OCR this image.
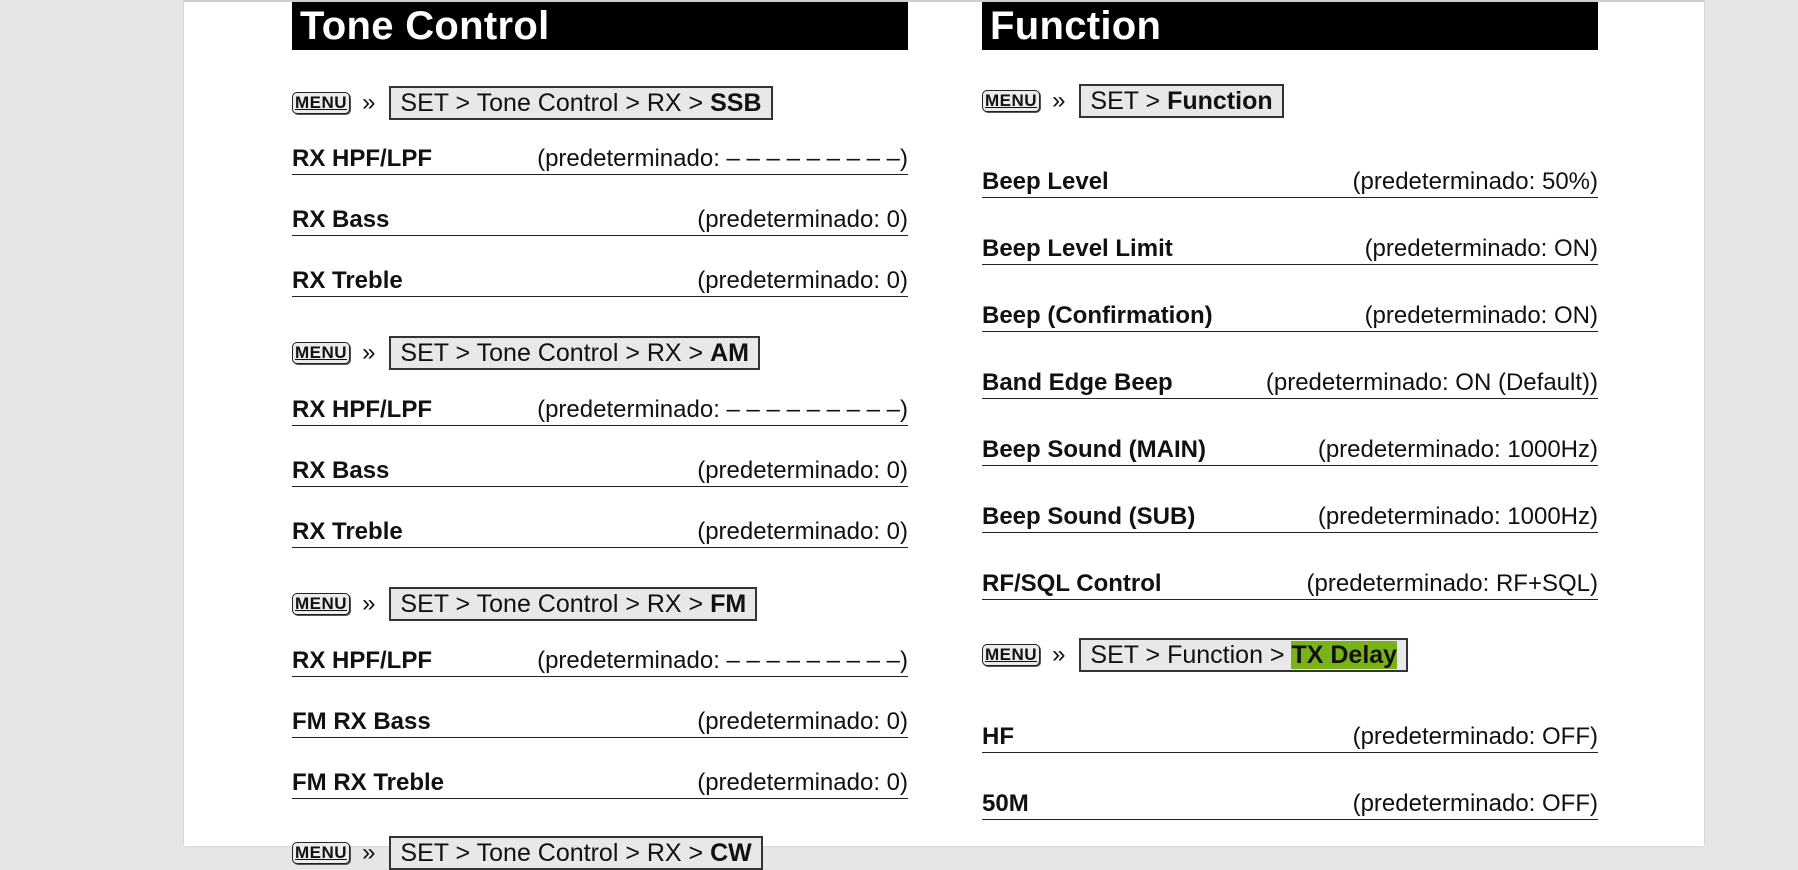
Tone Control
MENU »	SET > Tone Control > RX > SSB
RX HPF/LPF	(predeterminado: – – – – – – – – –)
RX Bass	(predeterminado: 0)
RX Treble	(predeterminado: 0)
MENU »	SET > Tone Control > RX > AM
RX HPF/LPF	(predeterminado: – – – – – – – – –)
RX Bass	(predeterminado: 0)
RX Treble	(predeterminado: 0)
MENU »	SET > Tone Control > RX > FM
RX HPF/LPF	(predeterminado: – – – – – – – – –)
FM RX Bass	(predeterminado: 0)
FM RX Treble	(predeterminado: 0)
MENU »	SET > Tone Control > RX > CW
Function
MENU »	SET > Function
Beep Level	(predeterminado: 50%)
Beep Level Limit	(predeterminado: ON)
Beep (Confirmation)	(predeterminado: ON)
Band Edge Beep	(predeterminado: ON (Default))
Beep Sound (MAIN)	(predeterminado: 1000Hz)
Beep Sound (SUB)	(predeterminado: 1000Hz)
RF/SQL Control	(predeterminado: RF+SQL)
MENU »	SET > Function > TX Delay
HF	(predeterminado: OFF)
50M	(predeterminado: OFF)
